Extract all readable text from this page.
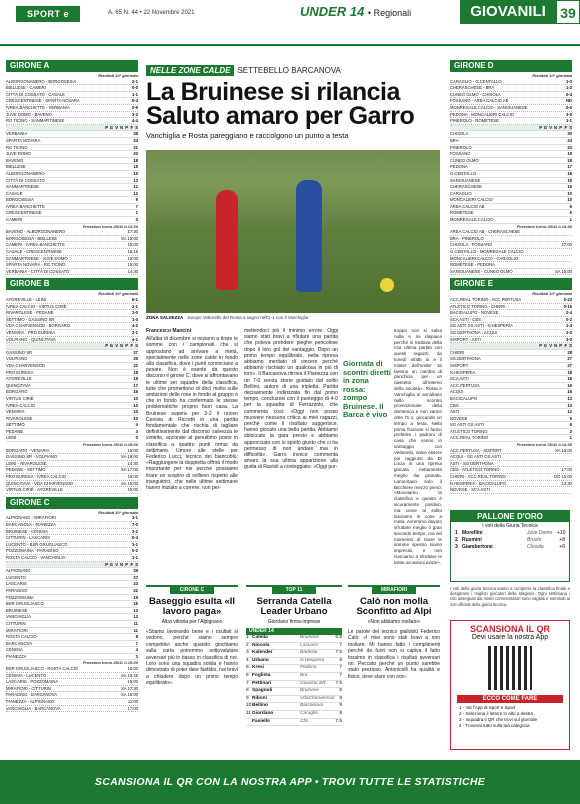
SPORT e STORY
A. 65 N. 44 • 22 Novembre 2021	UNDER 14 • Regionali	GIOVANILI	39
GIRONE A
Risultati 10ª giornata
ALBORGONANERO - BORGOSESIA	2-1
BIELLESE - CAMERI	0-0
CITTÀ DI COSSATO - CASALE	1-1
CRESCENTINESE - SPARTA NOVARA	0-4
IVREA BANCHETTE - VERBANIA	0-9
JUVE DOMO - BAVENO	3-2
RG TICINO - SANMARTINESE	4-4
P G V N P F S
VERBANIA	28
SPARTA NOVARA	24
RG TICINO	21
JUVE DOMO	20
BAVENO	18
BIELLESE	15
ALBORGONANERO	15
CITTÀ DI COSSATO	13
SANMARTINESE	12
CASALE	12
BORGOSESIA	9
IVREA BANCHETTE	7
CRESCENTINESE	1
CAMERI	0
Prossimo turno 28/11 h.14:30
BAVENO - ALBORGONANERO	17:30
BORGOSESIA - BIELLESE	SA 18:00
CAMERI - IVREA BANCHETTE	15:00
CASALE - CRESCENTINESE	18:15
SANMARTINESE - JUVE DOMO	15:00
SPARTA NOVARA - RG TICINO	15:00
VERBANIA - CITTÀ DI COSSATO	14:30
GIRONE B
Risultati 10ª giornata
AYGREVILLE - LEINÌ	6-1
IVREA CALCIO - VIRTUS CIRIÈ	2-1
RIVAROLESE - PEDANE	2-0
SETTIMO - GASSINO SR	1-3
VDA CHARVENSOD - BORGARO	4-2
VENARIA - PRO EUREKA	2-1
VOLPIANO - QUINCITAVA	4-1
P G V N P F S
GASSINO SR	27
VOLPIANO	25
VDA CHARVENSOD	22
PRO EUREKA	18
AYGREVILLE	18
QUINCITAVA	17
BORGARO	16
VIRTUS CIRIÈ	10
IVREA CALCIO	10
VENARIA	10
RIVAROLESE	10
SETTIMO	4
PEDANE	3
LEINÌ	0
Prossimo turno 28/11 h.15:00
BORGARO - VENARIA	15:00
GASSINO SR - VOLPIANO	SA 18:00
LEINÌ - RIVAROLESE	14:30
PEDANE - SETTIMO	SA 17:00
PRO EUREKA - IVREA CALCIO	16:00
QUINCITAVA - VDA CHARVENSOD	SA 15:00
VIRTUS CIRIÈ - AYGREVILLE	15:00
GIRONE C
Risultati 10ª giornata
ALPIGNANO - MIRAFIORI	3-1
BARCANOVA - PIANEZZA	7-0
BRUINESE - CENISIA	3-2
CITTURIN - LASCARIS	0-4
LUCENTO - BSR GRUGLIASCO	3-1
POZZOMAINA - PARADISO	0-2
ROSTA CALCIO - VANCHIGLIA	1-1
P G V N P F S
ALPIGNANO	29
LUCENTO	27
LASCARIS	23
PARADISO	22
POZZOMAINA	19
BSR GRUGLIASCO	16
BRUINESE	13
VANCHIGLIA	13
CITTURIN	11
MIRAFIORI	11
ROSTA CALCIO	8
BARCANOVA	7
CENISIA	4
PIANEZZA	3
Prossimo turno 28/11 h.15:00
BSR GRUGLIASCO - ROSTA CALCIO	15:00
CENISIA - LUCENTO	SA 16:45
LASCARIS - POZZOMAINA	15:00
MIRAFIORI - CITTURIN	SA 17:30
PARADISO - BARCANOVA	SA 16:00
PIANEZZA - ALPIGNANO	11:00
VANCHIGLIA - BARCANOVA	17:00
GIRONE D
Risultati 10ª giornata
CARAGLIO - G.CENTALLO	1-0
CHERASCHESE - BRA	1-2
CUNEO OLMO - CHISOLA	0-4
FOSSANO - AREA CALCIO AB	ND
MONREGALE CALCIO - SANGIUANESE	0-0
PEDONA - MONCALIERI CALCIO	3-0
PINEROLO - ROMETESE	1-1
P G V N P F S
CHISOLA	30
BRA	24
PINEROLO	23
FOSSANO	19
CUNEO OLMO	18
PEDONA	17
G.CENTALLO	16
SANGIUANESE	15
CHERASCHESE	15
CARAGLIO	10
MONCALIERI CALCIO	10
AREA CALCIO AB	6
ROMETESE	5
MONREGALE CALCIO	1
Prossimo turno 28/11 h.14:30
AREA CALCIO AB - CHERASCHESE
BRA - PINEROLO
CHISOLA - FOSSANO	17:00
G.CENTALLO - MONREGALE CALCIO
MONCALIERI CALCIO - CARAGLIO
ROMETESE - PEDONA
SANGIUANESE - CUNEO OLMO	SA 15:00
GIRONE E
Risultati 10ª giornata
ACC.REAL TORINO - ACC.PERTUSA	0-23
ATLETICO TORINO - CHIERI	0-16
BACIGALUPO - NOVESE	2-4
SCA ASTI - CBS	0-2
SG ASTI GS ASTI - N.HESPERIA	1-4
SG DERTHONA - ACQUI	2-0
SISPORT - ASTI	3-0
P G V N P F S
CHIERI	28
SG.DERTHONA	27
SISPORT	27
N.HESPERIA	18
SCA ASTI	18
ACC.PERTUSA	16
ACQUI	16
BACIGALUPO	13
CBS	10
ASTI	12
NOVESE	9
SG ASTI GS ASTI	6
ATLETICO TORINO	3
ACC.REAL TORINO	1
Prossimo turno 28/11 h.14:30
ACC.PERTUSA - SISPORT	SA 16:00
ACQUI - SG ASTI GS ASTI
ASTI - SG DERTHONA
CBS - ATLETICO TORINO	17:00
CHIERI - ACC.REAL TORINO	DO 15:00
N.HESPERIA - BACIGALUPO	14:30
NOVESE - SCA ASTI
NELLE ZONE CALDE SETTEBELLO BARCANOVA
La Bruinese si rilancia Saluto amaro per Garro
Vanchiglia e Rosta pareggiano e raccolgono un punto a testa
ZONA SALVEZZA Jacopo Vettorello del Rosta a segno nell'1-1 con il Vanchiglia
Francesco Mancini
All'alba di dicembre si iniziano a tirare le somme con i campionati che si approstano ad arrivare a metà, specialmente nelle zone calde in fondo alla classifica, dove i punti cominciano a pesare. Non è esente da questo discorso il girone C, dove si affrontavano le ultime sei squadre della classifica, tutte che promettono di dirci molto sulle ambizioni delle rose in fondo al gruppo è che in fondo ha confermato le stesse problematiche proprio fuori casa. La Bruinese supera per 3-2 il nuovo Cenisia di Riccetti in una partita fondamentale che rischia di tagliare definitivamente dal discorso salvezza le violette, ancorate al penultimo posto in classifica a quattro punti ormai da settimane. Umore alle stelle per Federico Lucci, tecnico dei biancoblù: «Raggiungere la doppietta offrirà il modo importante per noi perché possiamo tirare un sospiro di sollievo rispetto alle inseguitrici, che nelle ultime settimane hanno iniziato a correre, non per-
mettendoci più il minimo errore. Oggi siamo stati bravi a rifiutare una partita che poteva prendere pieghe pericolose dopo il loro gol del vantaggio. Dopo un primo tempo equilibrato, nella ripresa abbiamo meritato di vincere perché abbiamo rischiato un qualcosa in più di loro». Il Barcanova ritrova il Pianezza con un 7-0 senza storie guidato dal solito Bellino, autore di una tripletta. Partita decisamente indirizzata fin dal primo tempo, conclusosi con il punteggio di 4-0 per la squadra di Ferrazzolo, che commenta così: «Oggi non posso muovere nessuna critica ai miei ragazzi, perché come il risultato suggerisce, hanno giocato una bella partita. Abbiamo sbloccato la gara presto e abbiamo approcciato con lo spirito giusto che ci ha permesso di non andare mai in difficoltà». Garro invece commenta amaro la sua ultima apparizione alla guida di Ravioli a conteggiato: «Oggi pur-
Giornata di scontri diretti in zona rossa: zompo Bruinese. Il Barca è vivo
troppo non si salva nulla e mi dispiace perché si trattava della mia ultima partita con questi ragazzi, da lunedì infatti io e il mister dell'under 15 faremo un cambio di panchina per un riassetto all'interno della società». Rosta e Vanchiglia si annullano nello scontro promozionale della domenica e non vanno oltre l'1-1, giocando un tempo a testa. Nella prima frazione si fanno preferire i padroni di casa che vanno in vantaggio con Vettorello, salvo essere poi raggiunti da Di Lucia in una ripresa giocata nettamente meglio dai granata. Lamentano solo il Bicchiere mezzo pieno: «Muoviamo la classifica e questo è sicuramente positivo, ma come al solito lasciamo le cose a metà. Avremmo dovuto sfruttare meglio il gran secondo tempo, ma nel momento di tirare le somme spesso siamo imprecisi, e non riusciamo a sfruttare le tante occasioni avute».
CIRONE C
Baseggio esulta «Il lavoro paga»
Altra vittoria per l'Alpignano
«Stiamo lavorando bene e i risultati si vedono, perché siamo sempre competitivi anche quando giochiamo sulla carta potremmo sottovalutare avversari più in basso in classifica di noi. Loro sono una squadra solida e hanno dimostrato di poter dare fastidio, noi bravi a chiudere dopo un primo tempo equilibrato».
TOP 11
Serranda Catella Leader Urbano
Giordano firma-imprese
UNDER 14
1 Catella	Bruinese	6.5
2 Nincola	Lascaris	7
3 Kalender	Barbisio	7.5
4 Urbano	N.Hesperia	8
5 Kresi	Pedona	7
6 Foglista	Bra	7
7 Pettinari	Gassino SR	7.5
8 Spagnoli	Bruinese	8
9 Riboni	VdaCharvensod	8
10 Bellino	Barcanova	9
11 Giordano	Caraglio	8
Fasiello	Cbs	7.5
MIRAFIORI
Calò non molla Sconfitto ad Alpi
«Non abbiamo mollato»
Le parole del tecnico gialloblù Federico Calò: «I miei sono stati bravi a non mollare. Mi hanno fatto i complimenti perché da fuori non si capiva il fatto fossimo in classifica i risultati avversari no. Peccato perché un punto sarebbe stato prezioso. Antonicelli ha qualità e fisico, deve stare con noi».
PALLONE D'ORO
I voti della Giuria Tecnica
1 Morellini	Juve Domo +10
2 Rusmini	Brushi	+8
3 Giambertone	Chisola	+6
I voti della giuria tecnica vanno a comporre la classifica finale e designano i migliori giocatori della stagione. Ogni settimana i voti assegnati dai nostri commentatori sono vagliati e sommati ai voti ufficiali della giuria tecnica.
SCANSIONA IL QR
Devi usare la nostra App
ECCO COME FARE
1 - Vai l'App di Sport e Sport
2 - Seleziona il lettore in alto a destra
3 - Inquadra il QR che trovi sul giornale
4 - Troverai tutto sulla tua categoria
SCANSIONA IL QR CON LA NOSTRA APP • TROVI TUTTE LE STATISTICHE
